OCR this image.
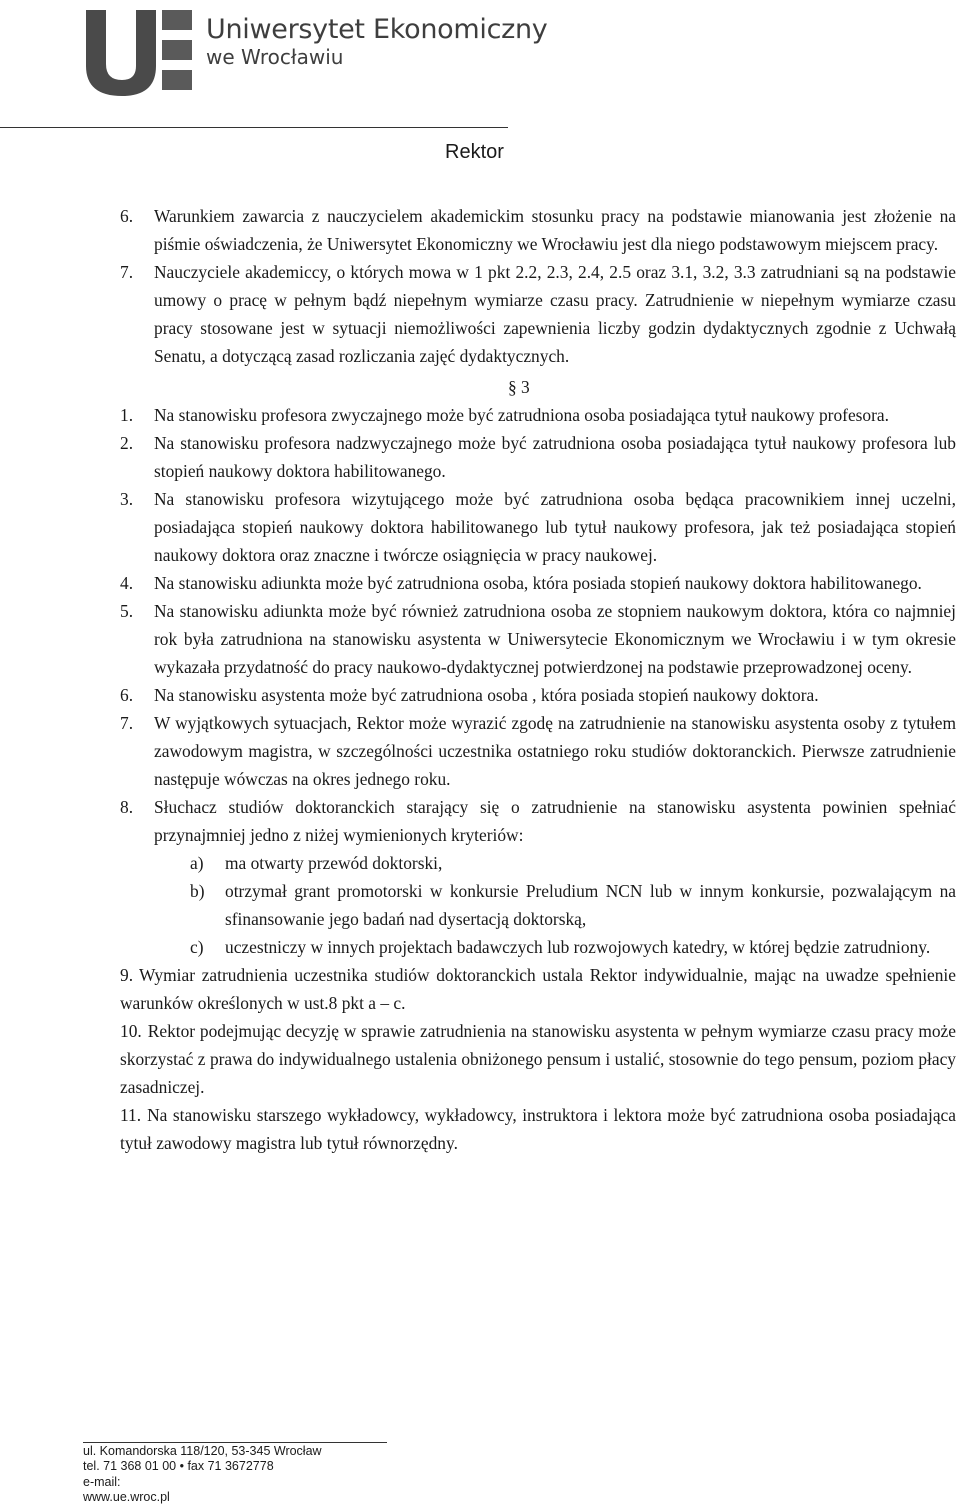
Uniwersytet Ekonomiczny
we Wrocławiu
Rektor
6. Warunkiem zawarcia z nauczycielem akademickim stosunku pracy na podstawie mianowania jest złożenie na piśmie oświadczenia, że Uniwersytet Ekonomiczny we Wrocławiu jest dla niego podstawowym miejscem pracy.

7. Nauczyciele akademiccy, o których mowa w 1 pkt 2.2, 2.3, 2.4, 2.5 oraz 3.1, 3.2, 3.3 zatrudniani są na podstawie umowy o pracę w pełnym bądź niepełnym wymiarze czasu pracy. Zatrudnienie w niepełnym wymiarze czasu pracy stosowane jest w sytuacji niemożliwości zapewnienia liczby godzin dydaktycznych zgodnie z Uchwałą Senatu, a dotyczącą zasad rozliczania zajęć dydaktycznych.

§ 3
1. Na stanowisku profesora zwyczajnego może być zatrudniona osoba posiadająca tytuł naukowy profesora.

2. Na stanowisku profesora nadzwyczajnego może być zatrudniona osoba posiadająca tytuł naukowy profesora lub stopień naukowy doktora habilitowanego.

3. Na stanowisku profesora wizytującego może być zatrudniona osoba będąca pracownikiem innej uczelni, posiadająca stopień naukowy doktora habilitowanego lub tytuł naukowy profesora, jak też posiadająca stopień naukowy doktora oraz znaczne i twórcze osiągnięcia w pracy naukowej.

4. Na stanowisku adiunkta może być zatrudniona osoba, która posiada stopień naukowy doktora habilitowanego.

5. Na stanowisku adiunkta może być również zatrudniona osoba ze stopniem naukowym doktora, która co najmniej rok była zatrudniona na stanowisku asystenta w Uniwersytecie Ekonomicznym we Wrocławiu i w tym okresie wykazała przydatność do pracy naukowo-dydaktycznej potwierdzonej na podstawie przeprowadzonej oceny.

6. Na stanowisku asystenta może być zatrudniona osoba , która posiada stopień naukowy doktora.

7. W wyjątkowych sytuacjach, Rektor może wyrazić zgodę na zatrudnienie na stanowisku asystenta osoby z tytułem zawodowym magistra, w szczególności uczestnika ostatniego roku studiów doktoranckich. Pierwsze zatrudnienie następuje wówczas na okres jednego roku.

8. Słuchacz studiów doktoranckich starający się o zatrudnienie na stanowisku asystenta powinien spełniać przynajmniej jedno z niżej wymienionych kryteriów:

a) ma otwarty przewód doktorski,
b) otrzymał grant promotorski w konkursie Preludium NCN lub w innym konkursie, pozwalającym na sfinansowanie jego badań nad dysertacją doktorską,
c) uczestniczy w innych projektach badawczych lub rozwojowych katedry, w której będzie zatrudniony.
9. Wymiar zatrudnienia uczestnika studiów doktoranckich ustala Rektor indywidualnie, mając na uwadze spełnienie warunków określonych w ust.8 pkt a – c.
10. Rektor podejmując decyzję w sprawie zatrudnienia na stanowisku asystenta w pełnym wymiarze czasu pracy może skorzystać z prawa do indywidualnego ustalenia obniżonego pensum i ustalić, stosownie do tego pensum, poziom płacy zasadniczej.
11. Na stanowisku starszego wykładowcy, wykładowcy, instruktora i lektora może być zatrudniona osoba posiadająca tytuł zawodowy magistra lub tytuł równorzędny.
ul. Komandorska 118/120, 53-345 Wrocław
tel. 71 368 01 00 • fax 71 3672778
e-mail:
www.ue.wroc.pl
